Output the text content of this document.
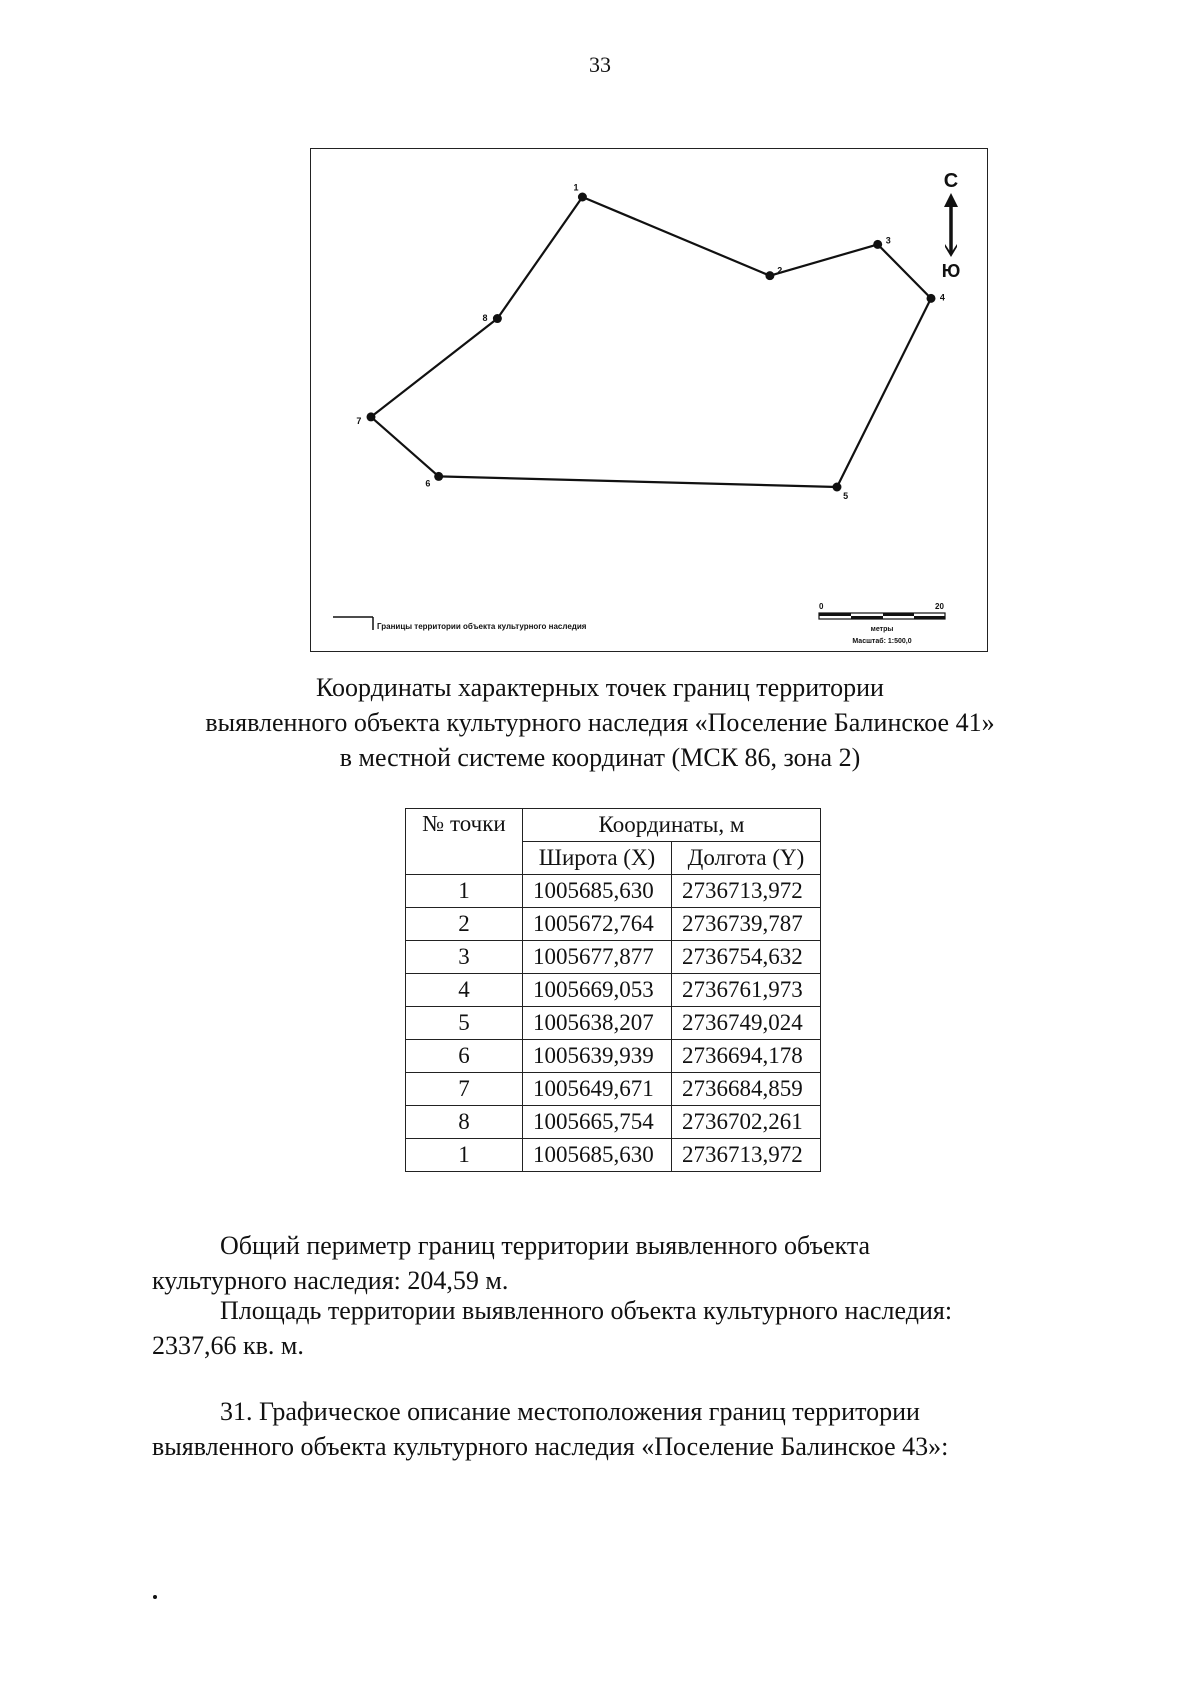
33
1
2
3
4
5
6
7
8
С
Ю
Границы территории объекта культурного наследия
0	20
метры
Масштаб: 1:500,0
Координаты характерных точек границ территории
выявленного объекта культурного наследия «Поселение Балинское 41»
в местной системе координат (МСК 86, зона 2)
№ точки	Координаты, м	
	Широта (X)	Долгота (Y)
1	1005685,630	2736713,972
2	1005672,764	2736739,787
3	1005677,877	2736754,632
4	1005669,053	2736761,973
5	1005638,207	2736749,024
6	1005639,939	2736694,178
7	1005649,671	2736684,859
8	1005665,754	2736702,261
1	1005685,630	2736713,972
Общий периметр границ территории выявленного объекта
культурного наследия: 204,59 м.
Площадь территории выявленного объекта культурного наследия:
2337,66 кв. м.
31. Графическое описание местоположения границ территории
выявленного объекта культурного наследия «Поселение Балинское 43»:
